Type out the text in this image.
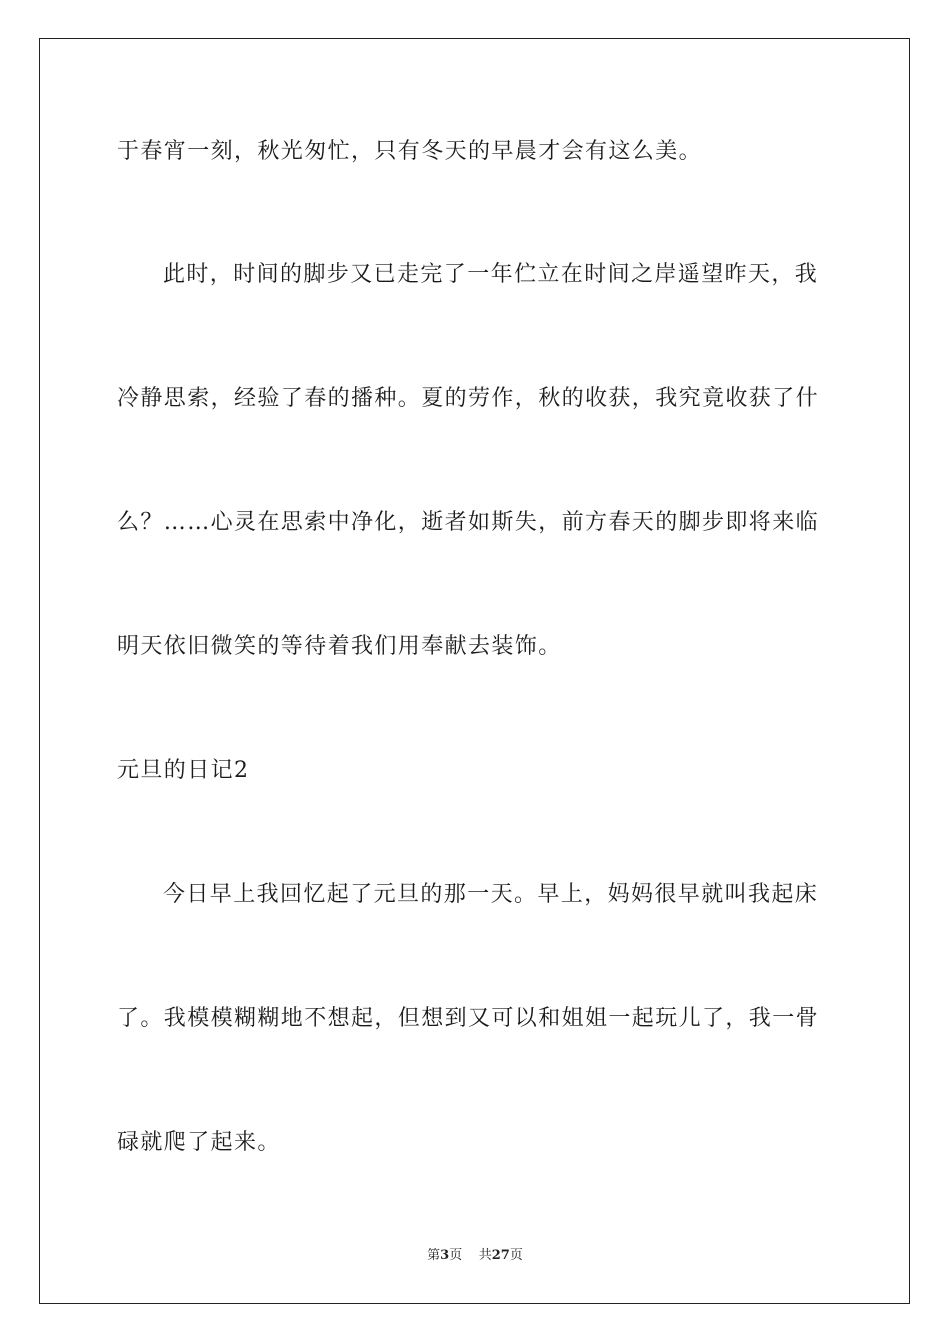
于春宵一刻，秋光匆忙，只有冬天的早晨才会有这么美。
此时，时间的脚步又已走完了一年伫立在时间之岸遥望昨天，我
冷静思索，经验了春的播种。夏的劳作，秋的收获，我究竟收获了什
么？……心灵在思索中净化，逝者如斯失，前方春天的脚步即将来临
明天依旧微笑的等待着我们用奉献去装饰。
元旦的日记2
今日早上我回忆起了元旦的那一天。早上，妈妈很早就叫我起床
了。我模模糊糊地不想起，但想到又可以和姐姐一起玩儿了，我一骨
碌就爬了起来。
第3页 共27页
